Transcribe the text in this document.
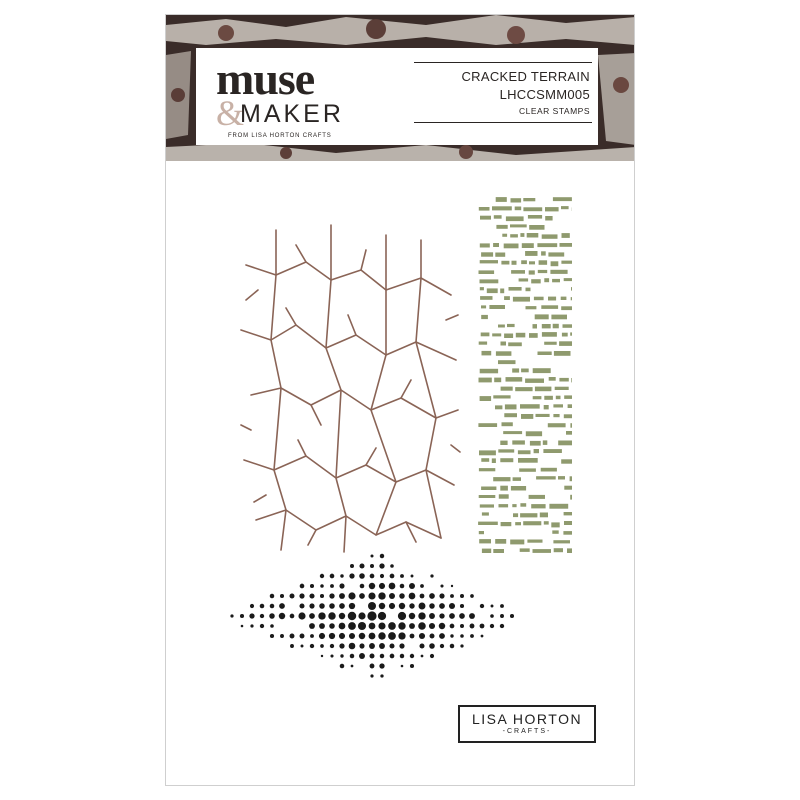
muse
&
MAKER
FROM LISA HORTON CRAFTS
CRACKED TERRAIN
LHCCSMM005
CLEAR STAMPS
LISA HORTON
-CRAFTS-
